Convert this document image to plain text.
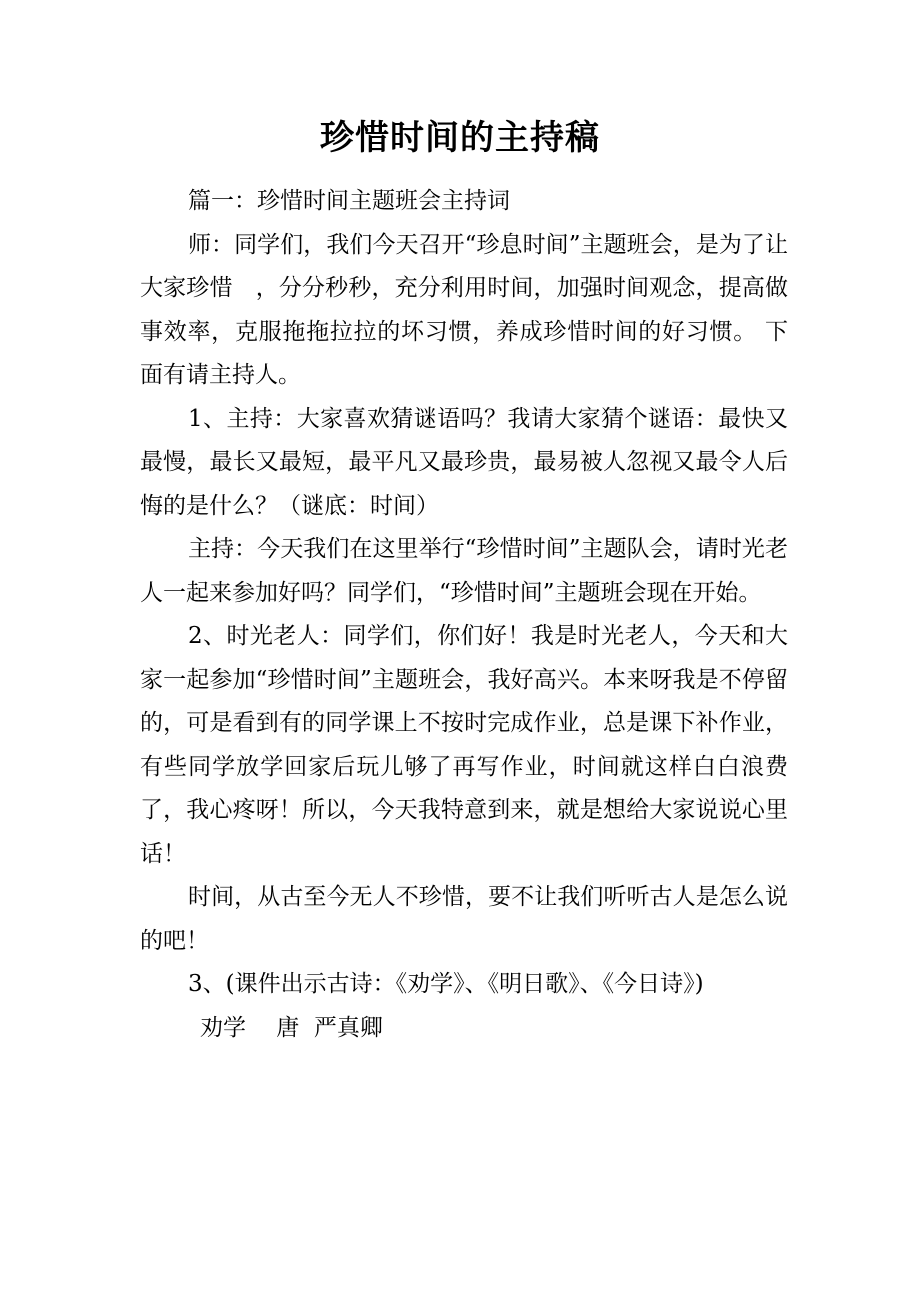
珍惜时间的主持稿

篇一：珍惜时间主题班会主持词

师：同学们，我们今天召开“珍息时间”主题班会，是为了让大家珍惜　，分分秒秒，充分利用时间，加强时间观念，提高做事效率，克服拖拖拉拉的坏习惯，养成珍惜时间的好习惯。 下面有请主持人。

1、主持：大家喜欢猜谜语吗？我请大家猜个谜语：最快又最慢，最长又最短，最平凡又最珍贵，最易被人忽视又最令人后悔的是什么？（谜底：时间）

主持：今天我们在这里举行“珍惜时间”主题队会，请时光老人一起来参加好吗？同学们，“珍惜时间”主题班会现在开始。

2、时光老人：同学们，你们好！我是时光老人，今天和大家一起参加“珍惜时间”主题班会，我好高兴。本来呀我是不停留的，可是看到有的同学课上不按时完成作业，总是课下补作业，有些同学放学回家后玩儿够了再写作业，时间就这样白白浪费了，我心疼呀！所以，今天我特意到来，就是想给大家说说心里话！

时间，从古至今无人不珍惜，要不让我们听听古人是怎么说的吧！

3、(课件出示古诗：《劝学》、《明日歌》、《今日诗》)

劝学　 唐  严真卿
